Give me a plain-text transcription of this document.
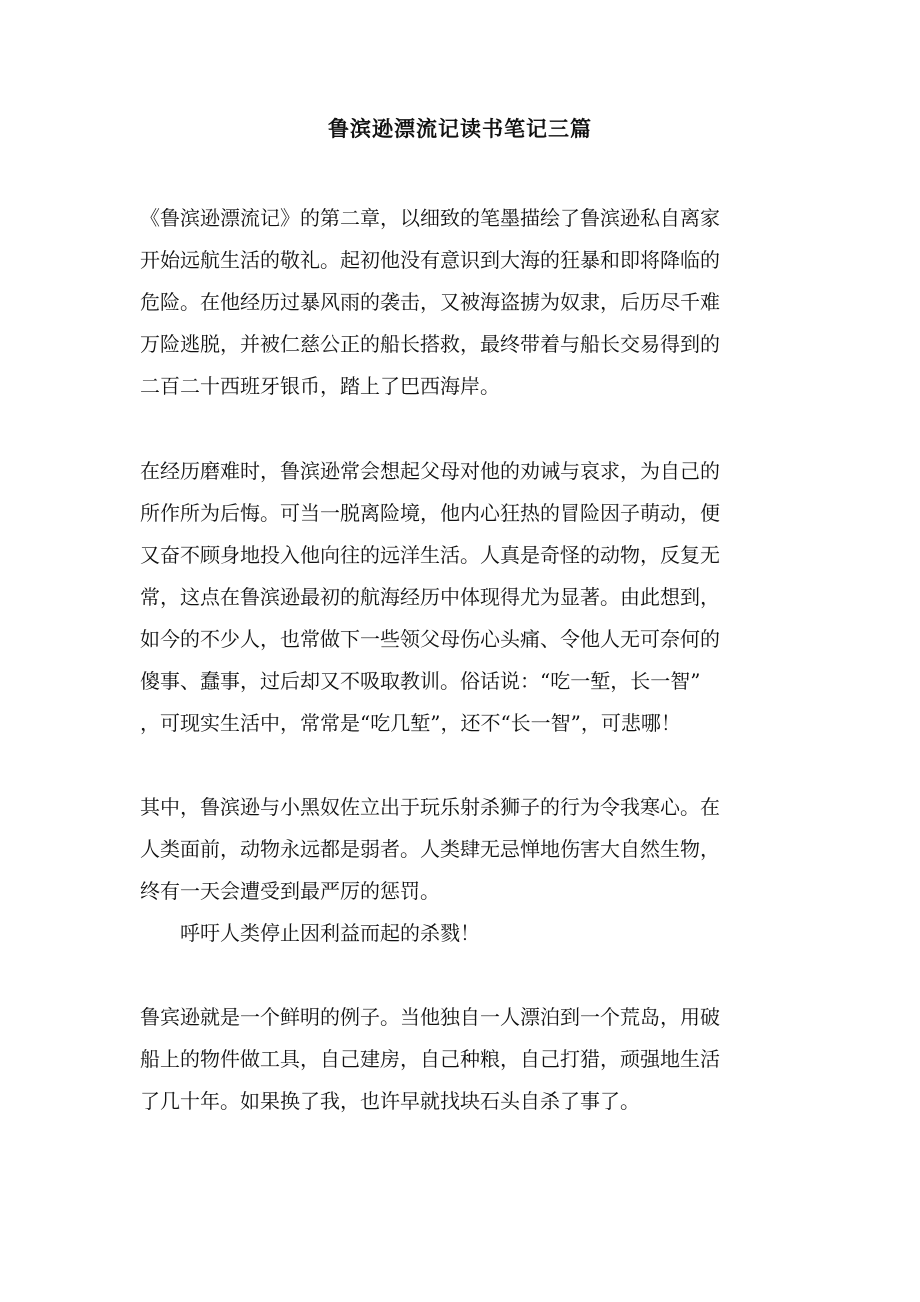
鲁滨逊漂流记读书笔记三篇
《鲁滨逊漂流记》的第二章，以细致的笔墨描绘了鲁滨逊私自离家
开始远航生活的敬礼。起初他没有意识到大海的狂暴和即将降临的
危险。在他经历过暴风雨的袭击，又被海盗掳为奴隶，后历尽千难
万险逃脱，并被仁慈公正的船长搭救，最终带着与船长交易得到的
二百二十西班牙银币，踏上了巴西海岸。
在经历磨难时，鲁滨逊常会想起父母对他的劝诫与哀求，为自己的
所作所为后悔。可当一脱离险境，他内心狂热的冒险因子萌动，便
又奋不顾身地投入他向往的远洋生活。人真是奇怪的动物，反复无
常，这点在鲁滨逊最初的航海经历中体现得尤为显著。由此想到，
如今的不少人，也常做下一些领父母伤心头痛、令他人无可奈何的
傻事、蠢事，过后却又不吸取教训。俗话说：“吃一堑，长一智”
，可现实生活中，常常是“吃几堑”，还不“长一智”，可悲哪！
其中，鲁滨逊与小黑奴佐立出于玩乐射杀狮子的行为令我寒心。在
人类面前，动物永远都是弱者。人类肆无忌惮地伤害大自然生物，
终有一天会遭受到最严厉的惩罚。
呼吁人类停止因利益而起的杀戮！
鲁宾逊就是一个鲜明的例子。当他独自一人漂泊到一个荒岛，用破
船上的物件做工具，自己建房，自己种粮，自己打猎，顽强地生活
了几十年。如果换了我，也许早就找块石头自杀了事了。
